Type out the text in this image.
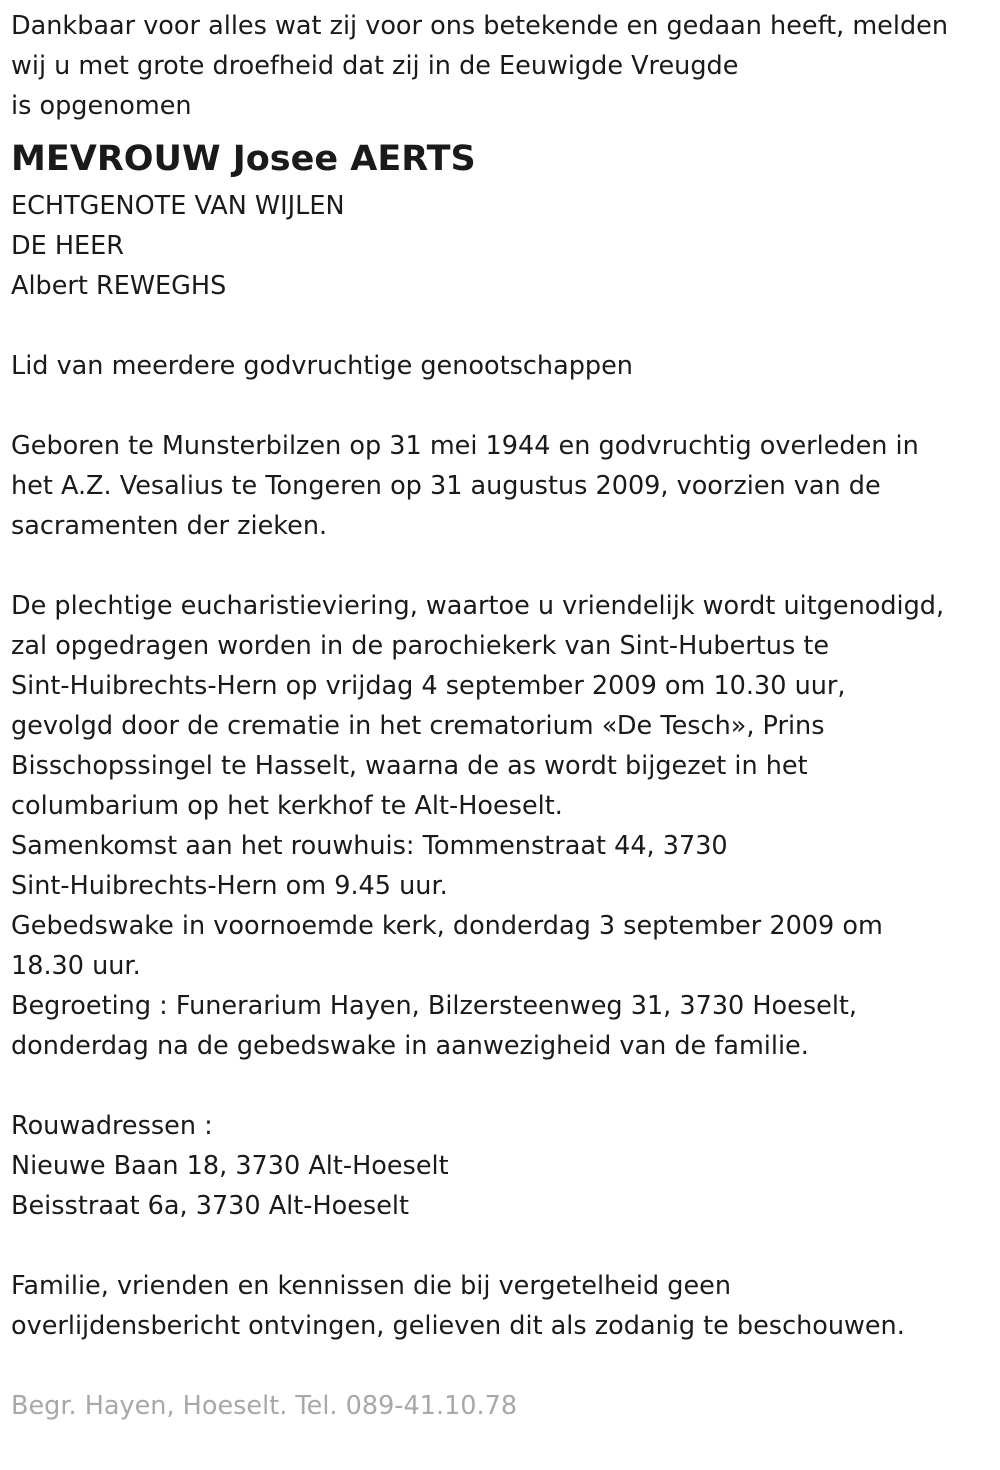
Dankbaar voor alles wat zij voor ons betekende en gedaan heeft, melden
wij u met grote droefheid dat zij in de Eeuwigde Vreugde
is opgenomen
MEVROUW Josee AERTS
ECHTGENOTE VAN WIJLEN
DE HEER
Albert REWEGHS
Lid van meerdere godvruchtige genootschappen
Geboren te Munsterbilzen op 31 mei 1944 en godvruchtig overleden in
het A.Z. Vesalius te Tongeren op 31 augustus 2009, voorzien van de
sacramenten der zieken.
De plechtige eucharistieviering, waartoe u vriendelijk wordt uitgenodigd,
zal opgedragen worden in de parochiekerk van Sint-Hubertus te
Sint-Huibrechts-Hern op vrijdag 4 september 2009 om 10.30 uur,
gevolgd door de crematie in het crematorium «De Tesch», Prins
Bisschopssingel te Hasselt, waarna de as wordt bijgezet in het
columbarium op het kerkhof te Alt-Hoeselt.
Samenkomst aan het rouwhuis: Tommenstraat 44, 3730
Sint-Huibrechts-Hern om 9.45 uur.
Gebedswake in voornoemde kerk, donderdag 3 september 2009 om
18.30 uur.
Begroeting : Funerarium Hayen, Bilzersteenweg 31, 3730 Hoeselt,
donderdag na de gebedswake in aanwezigheid van de familie.
Rouwadressen :
Nieuwe Baan 18, 3730 Alt-Hoeselt
Beisstraat 6a, 3730 Alt-Hoeselt
Familie, vrienden en kennissen die bij vergetelheid geen
overlijdensbericht ontvingen, gelieven dit als zodanig te beschouwen.
Begr. Hayen, Hoeselt. Tel. 089-41.10.78
